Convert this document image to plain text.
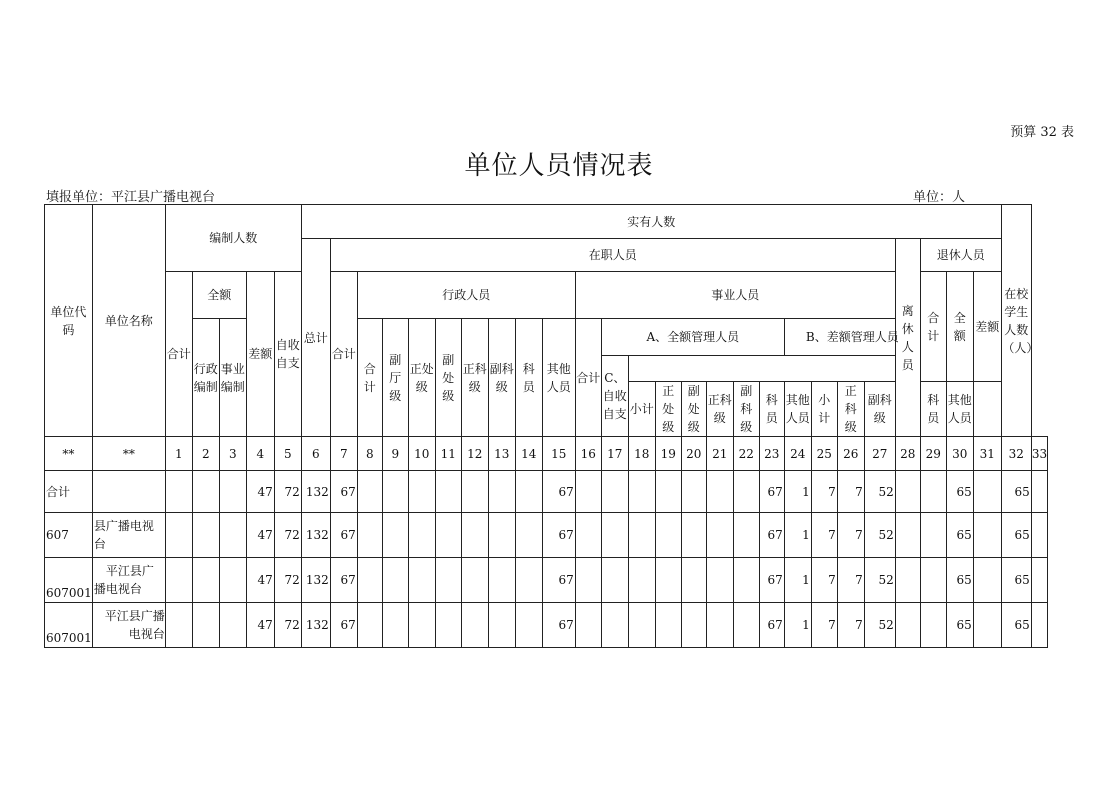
预算 32 表
单位人员情况表
填报单位：平江县广播电视台	单位：人
单位代码	单位名称	编制人数					实有人数																										在校学生人数（人）	
							总计	在职人员																					离休人员	退休人员				
		合计	全额		差额	自收自支		合计	行政人员								事业人员													合计	全额	差额		
			行政编制	事业编制					合计	副厅级	正处级	副处级	正科级	副科级	科员	其他人员	合计	A、全额管理人员							B、差额管理人员									
																		C、自收自支																
																			小计	正处级	副处级	正科级	副科级	科员	其他人员	小计	正科级	副科级		科员	其他人员			
**	**	1	2	3	4	5	6	7	8	9	10	11	12	13	14	15	16	17	18	19	20	21	22	23	24	25	26	27	28	29	30	31	32	33
合计					47	72	132	67								67								67	1	7	7	52			65		65	
607	县广播电视台				47	72	132	67								67								67	1	7	7	52			65		65	
607001	平江县广播电视台				47	72	132	67								67								67	1	7	7	52			65		65	
607001	平江县广播电视台				47	72	132	67								67								67	1	7	7	52			65		65	
